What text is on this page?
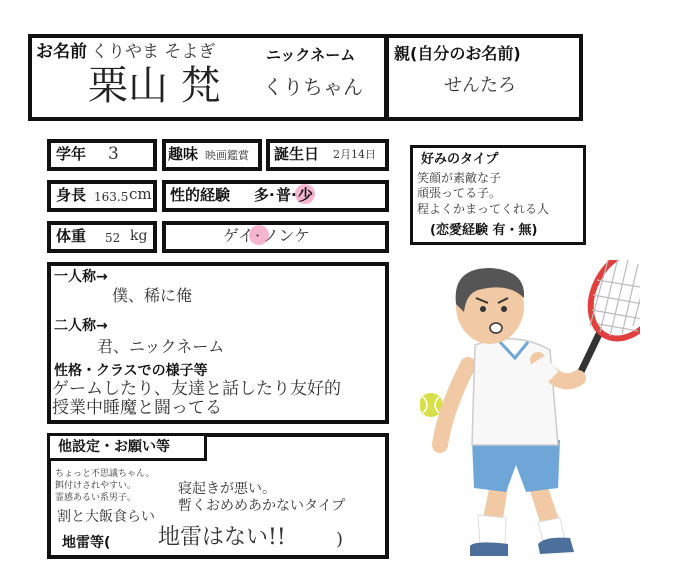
お名前 くりやま そよぎ
栗山 梵
ニックネーム
くりちゃん
親(自分のお名前)
せんたろ
学年 3	趣味 映画鑑賞 誕生日 2月14日
身長 163.5 cm 性的経験 多 · 普 · 少
体重 52 kg	ゲイ · ノンケ
好みのタイプ
笑顔が素敵な子
頑張ってる子。
程よくかまってくれる人
(恋愛経験 有・無)
一人称→
僕、稀に俺
二人称→
君、ニックネーム
性格・クラスでの様子等
ゲームしたり、友達と話したり友好的
授業中睡魔と闘ってる
他設定・お願い等
ちょっと不思議ちゃん。
餌付けされやすい。
霊感あるい系男子。
割と大飯食らい
寝起きが悪い。
暫くおめめあかないタイプ
地雷等( 地雷はない!!	)
